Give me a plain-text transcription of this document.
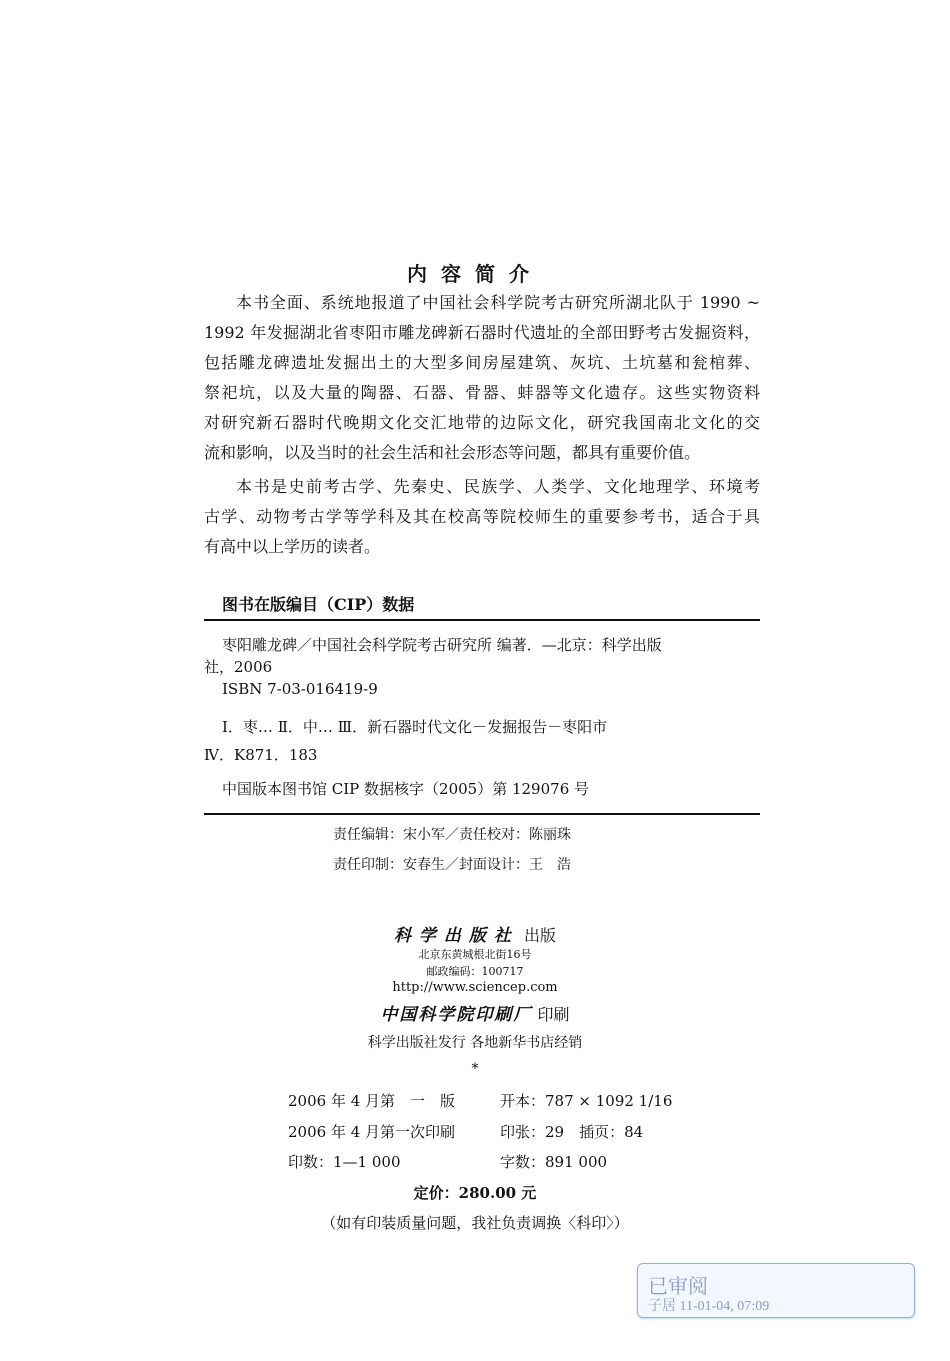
内容简介
本书全面、系统地报道了中国社会科学院考古研究所湖北队于 1990 ~
1992 年发掘湖北省枣阳市雕龙碑新石器时代遗址的全部田野考古发掘资料，
包括雕龙碑遗址发掘出土的大型多间房屋建筑、灰坑、土坑墓和瓮棺葬、
祭祀坑，以及大量的陶器、石器、骨器、蚌器等文化遗存。这些实物资料
对研究新石器时代晚期文化交汇地带的边际文化，研究我国南北文化的交
流和影响，以及当时的社会生活和社会形态等问题，都具有重要价值。
本书是史前考古学、先秦史、民族学、人类学、文化地理学、环境考
古学、动物考古学等学科及其在校高等院校师生的重要参考书，适合于具
有高中以上学历的读者。
图书在版编目（CIP）数据
枣阳雕龙碑／中国社会科学院考古研究所 编著．—北京：科学出版
社，2006
ISBN 7-03-016419-9
Ⅰ．枣… Ⅱ．中… Ⅲ．新石器时代文化－发掘报告－枣阳市
Ⅳ．K871．183
中国版本图书馆 CIP 数据核字（2005）第 129076 号
责任编辑：宋小军／责任校对：陈丽珠
责任印制：安春生／封面设计：王　浩
科学出版社 出版
北京东黄城根北街16号
邮政编码：100717
http://www.sciencep.com
中国科学院印刷厂 印刷
科学出版社发行 各地新华书店经销
*
2006 年 4 月第　一　版	开本：787 × 1092 1/16
2006 年 4 月第一次印刷	印张：29　插页：84
印数：1—1 000	字数：891 000
定价：280.00 元
（如有印装质量问题，我社负责调换〈科印〉）
已审阅
子居 11-01-04, 07:09
